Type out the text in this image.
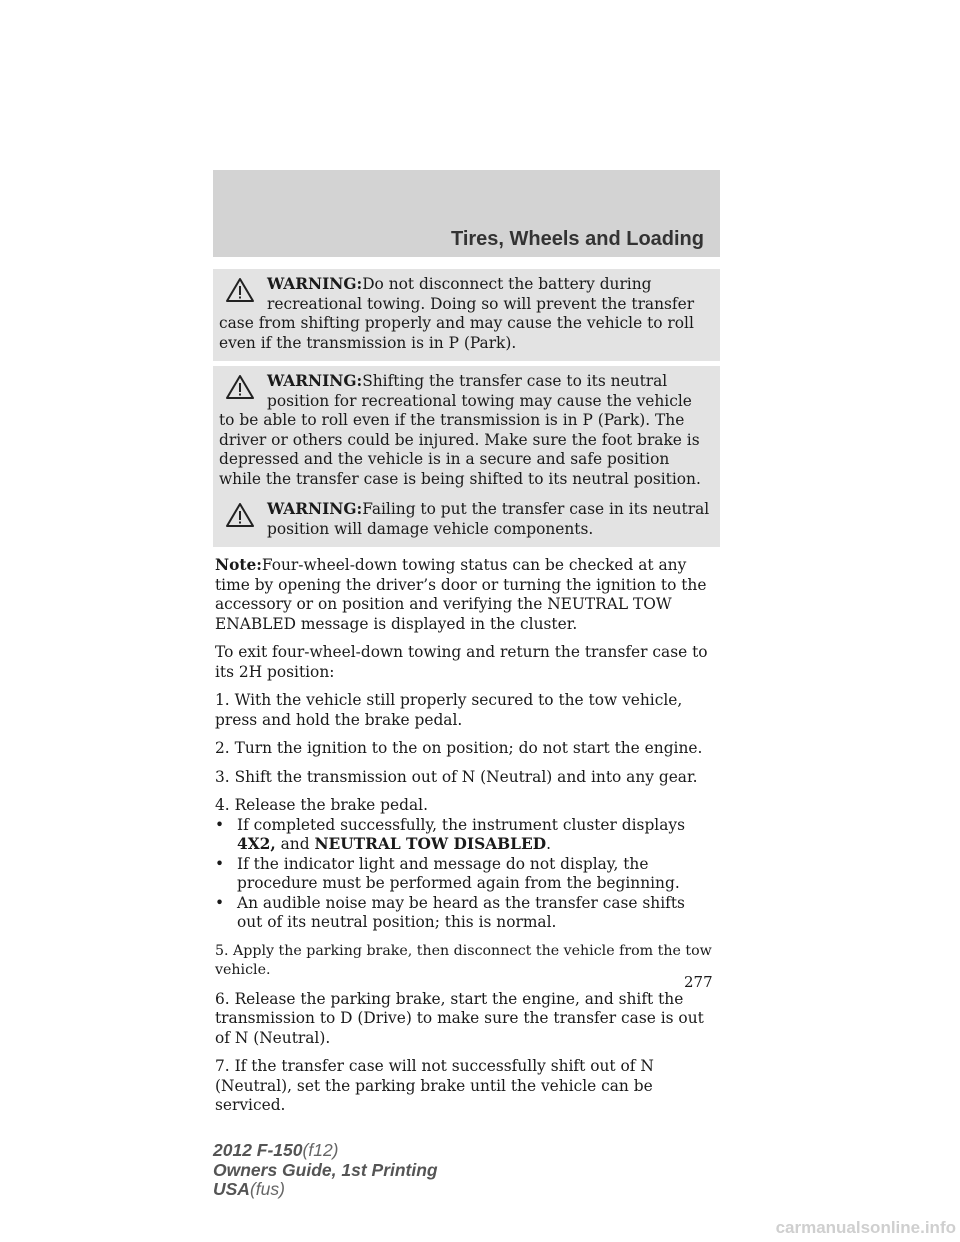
Tires, Wheels and Loading
WARNING:Do not disconnect the battery during recreational towing. Doing so will prevent the transfer case from shifting properly and may cause the vehicle to roll even if the transmission is in P (Park).
WARNING:Shifting the transfer case to its neutral position for recreational towing may cause the vehicle to be able to roll even if the transmission is in P (Park). The driver or others could be injured. Make sure the foot brake is depressed and the vehicle is in a secure and safe position while the transfer case is being shifted to its neutral position.
WARNING:Failing to put the transfer case in its neutral position will damage vehicle components.

Note:Four-wheel-down towing status can be checked at any time by opening the driver’s door or turning the ignition to the accessory or on position and verifying the NEUTRAL TOW ENABLED message is displayed in the cluster.

To exit four-wheel-down towing and return the transfer case to its 2H position:

1. With the vehicle still properly secured to the tow vehicle, press and hold the brake pedal.

2. Turn the ignition to the on position; do not start the engine.

3. Shift the transmission out of N (Neutral) and into any gear.

4. Release the brake pedal.

• If completed successfully, the instrument cluster displays 4X2, and NEUTRAL TOW DISABLED.
• If the indicator light and message do not display, the procedure must be performed again from the beginning.
• An audible noise may be heard as the transfer case shifts out of its neutral position; this is normal.

5. Apply the parking brake, then disconnect the vehicle from the tow vehicle.

6. Release the parking brake, start the engine, and shift the transmission to D (Drive) to make sure the transfer case is out of N (Neutral).

7. If the transfer case will not successfully shift out of N (Neutral), set the parking brake until the vehicle can be serviced.

277
2012 F-150(f12)
Owners Guide, 1st Printing
USA(fus)
carmanualsonline.info
